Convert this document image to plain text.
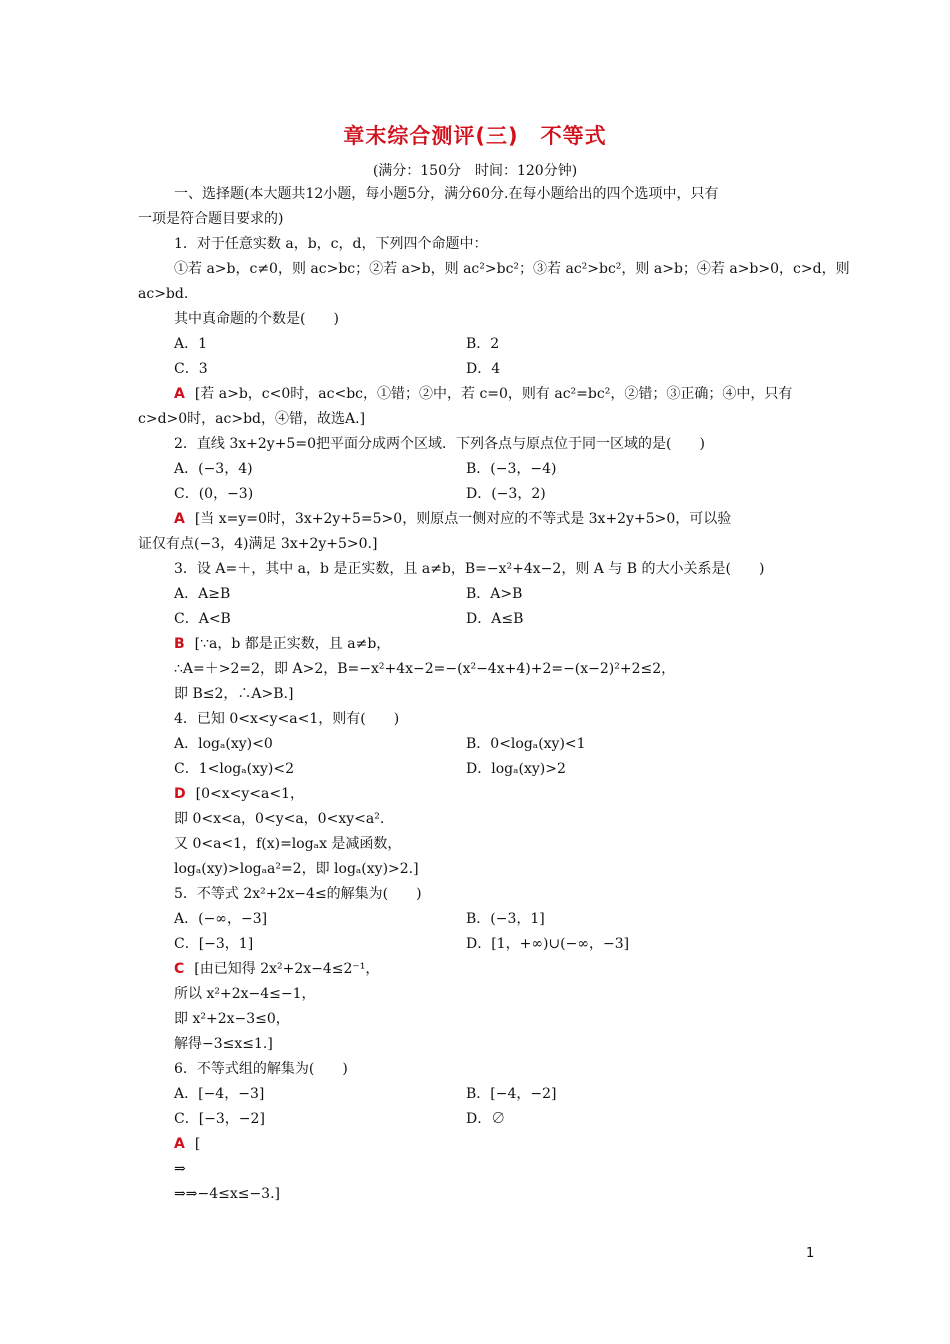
章末综合测评(三)　不等式
(满分：150分　时间：120分钟)
一、选择题(本大题共12小题，每小题5分，满分60分.在每小题给出的四个选项中，只有
一项是符合题目要求的)
1．对于任意实数 a，b，c，d，下列四个命题中：
①若 a>b，c≠0，则 ac>bc；②若 a>b，则 ac²>bc²；③若 ac²>bc²，则 a>b；④若 a>b>0，c>d，则
ac>bd.
其中真命题的个数是(　　)
A．1	B．2
C．3	D．4
A [若 a>b，c<0时，ac<bc，①错；②中，若 c=0，则有 ac²=bc²，②错；③正确；④中，只有
c>d>0时，ac>bd，④错，故选A.]
2．直线 3x+2y+5=0把平面分成两个区域．下列各点与原点位于同一区域的是(　　)
A．(−3，4)	B．(−3，−4)
C．(0，−3)	D．(−3，2)
A [当 x=y=0时，3x+2y+5=5>0，则原点一侧对应的不等式是 3x+2y+5>0，可以验
证仅有点(−3，4)满足 3x+2y+5>0.]
3．设 A=＋，其中 a，b 是正实数，且 a≠b，B=−x²+4x−2，则 A 与 B 的大小关系是(　　)
A．A≥B	B．A>B
C．A<B	D．A≤B
B [∵a，b 都是正实数，且 a≠b，
∴A=＋>2=2，即 A>2，B=−x²+4x−2=−(x²−4x+4)+2=−(x−2)²+2≤2，
即 B≤2，∴A>B.]
4．已知 0<x<y<a<1，则有(　　)
A．logₐ(xy)<0	B．0<logₐ(xy)<1
C．1<logₐ(xy)<2	D．logₐ(xy)>2
D [0<x<y<a<1，
即 0<x<a，0<y<a，0<xy<a².
又 0<a<1，f(x)=logₐx 是减函数，
logₐ(xy)>logₐa²=2，即 logₐ(xy)>2.]
5．不等式 2x²+2x−4≤的解集为(　　)
A．(−∞，−3]	B．(−3，1]
C．[−3，1]	D．[1，+∞)∪(−∞，−3]
C [由已知得 2x²+2x−4≤2⁻¹，
所以 x²+2x−4≤−1，
即 x²+2x−3≤0，
解得−3≤x≤1.]
6．不等式组的解集为(　　)
A．[−4，−3]	B．[−4，−2]
C．[−3，−2]	D．∅
A [
⇒
⇒⇒−4≤x≤−3.]
1
